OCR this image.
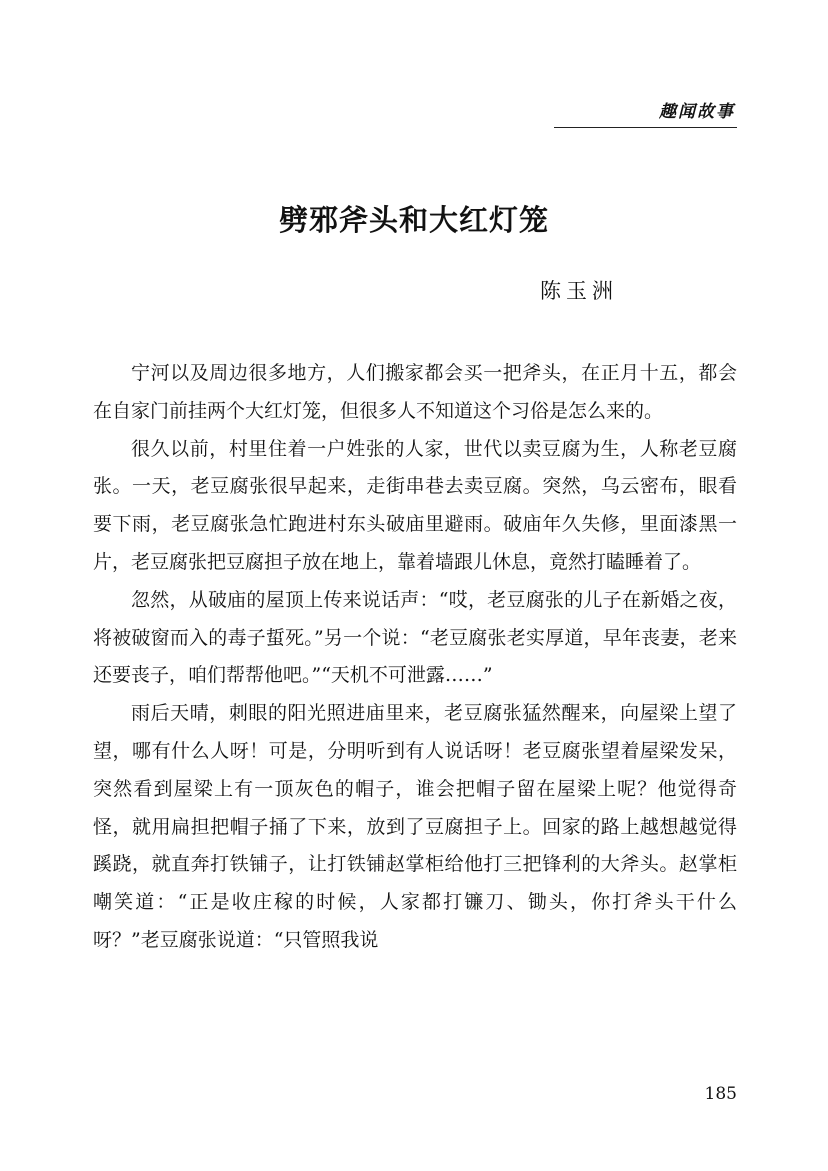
趣闻故事
劈邪斧头和大红灯笼
陈玉洲

宁河以及周边很多地方，人们搬家都会买一把斧头，在正月十五，都会在自家门前挂两个大红灯笼，但很多人不知道这个习俗是怎么来的。

很久以前，村里住着一户姓张的人家，世代以卖豆腐为生，人称老豆腐张。一天，老豆腐张很早起来，走街串巷去卖豆腐。突然，乌云密布，眼看要下雨，老豆腐张急忙跑进村东头破庙里避雨。破庙年久失修，里面漆黑一片，老豆腐张把豆腐担子放在地上，靠着墙跟儿休息，竟然打瞌睡着了。

忽然，从破庙的屋顶上传来说话声：“哎，老豆腐张的儿子在新婚之夜，将被破窗而入的毒子蜇死。”另一个说：“老豆腐张老实厚道，早年丧妻，老来还要丧子，咱们帮帮他吧。”“天机不可泄露……”

雨后天晴，刺眼的阳光照进庙里来，老豆腐张猛然醒来，向屋梁上望了望，哪有什么人呀！可是，分明听到有人说话呀！老豆腐张望着屋梁发呆，突然看到屋梁上有一顶灰色的帽子，谁会把帽子留在屋梁上呢？他觉得奇怪，就用扁担把帽子捅了下来，放到了豆腐担子上。回家的路上越想越觉得蹊跷，就直奔打铁铺子，让打铁铺赵掌柜给他打三把锋利的大斧头。赵掌柜嘲笑道：“正是收庄稼的时候，人家都打镰刀、锄头，你打斧头干什么呀？”老豆腐张说道：“只管照我说

185
